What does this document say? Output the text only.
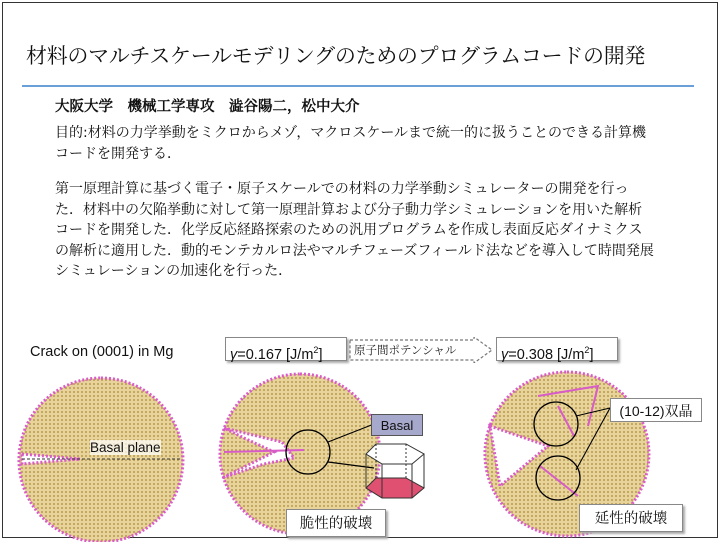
材料のマルチスケールモデリングのためのプログラムコードの開発
大阪大学　機械工学専攻　澁谷陽二，松中大介
目的:材料の力学挙動をミクロからメゾ，マクロスケールまで統一的に扱うことのできる計算機コードを開発する．
第一原理計算に基づく電子・原子スケールでの材料の力学挙動シミュレーターの開発を行った．材料中の欠陥挙動に対して第一原理計算および分子動力学シミュレーションを用いた解析コードを開発した．化学反応経路探索のための汎用プログラムを作成し表面反応ダイナミクスの解析に適用した．動的モンテカルロ法やマルチフェーズフィールド法などを導入して時間発展シミュレーションの加速化を行った．
Crack on (0001) in Mg	γ=0.167 $[J/m^2]$	原子間ポテンシャル	γ=0.308 $[J/m^2]$
Basal plane
Basal
(10-12)双晶
脆性的破壊	延性的破壊
